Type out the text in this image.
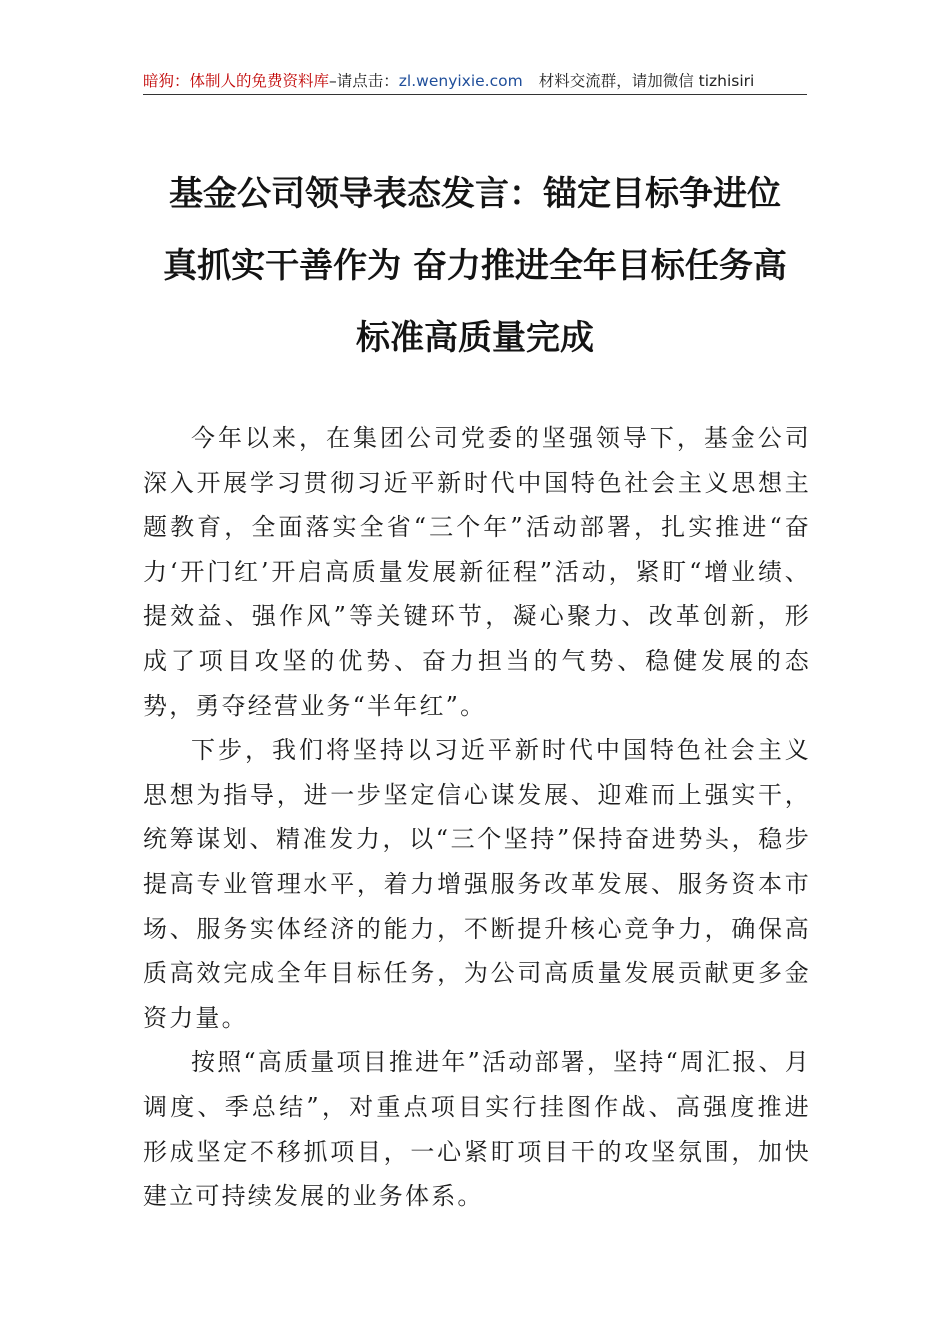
暗狗：体制人的免费资料库–请点击：zl.wenyixie.com 材料交流群，请加微信 tizhisiri
基金公司领导表态发言：锚定目标争进位
真抓实干善作为 奋力推进全年目标任务高
标准高质量完成

今年以来，在集团公司党委的坚强领导下，基金公司深入开展学习贯彻习近平新时代中国特色社会主义思想主题教育，全面落实全省“三个年”活动部署，扎实推进“奋力‘开门红’开启高质量发展新征程”活动，紧盯“增业绩、提效益、强作风”等关键环节，凝心聚力、改革创新，形成了项目攻坚的优势、奋力担当的气势、稳健发展的态势，勇夺经营业务“半年红”。

下步，我们将坚持以习近平新时代中国特色社会主义思想为指导，进一步坚定信心谋发展、迎难而上强实干，统筹谋划、精准发力，以“三个坚持”保持奋进势头，稳步提高专业管理水平，着力增强服务改革发展、服务资本市场、服务实体经济的能力，不断提升核心竞争力，确保高质高效完成全年目标任务，为公司高质量发展贡献更多金资力量。

按照“高质量项目推进年”活动部署，坚持“周汇报、月调度、季总结”，对重点项目实行挂图作战、高强度推进形成坚定不移抓项目，一心紧盯项目干的攻坚氛围，加快建立可持续发展的业务体系。
